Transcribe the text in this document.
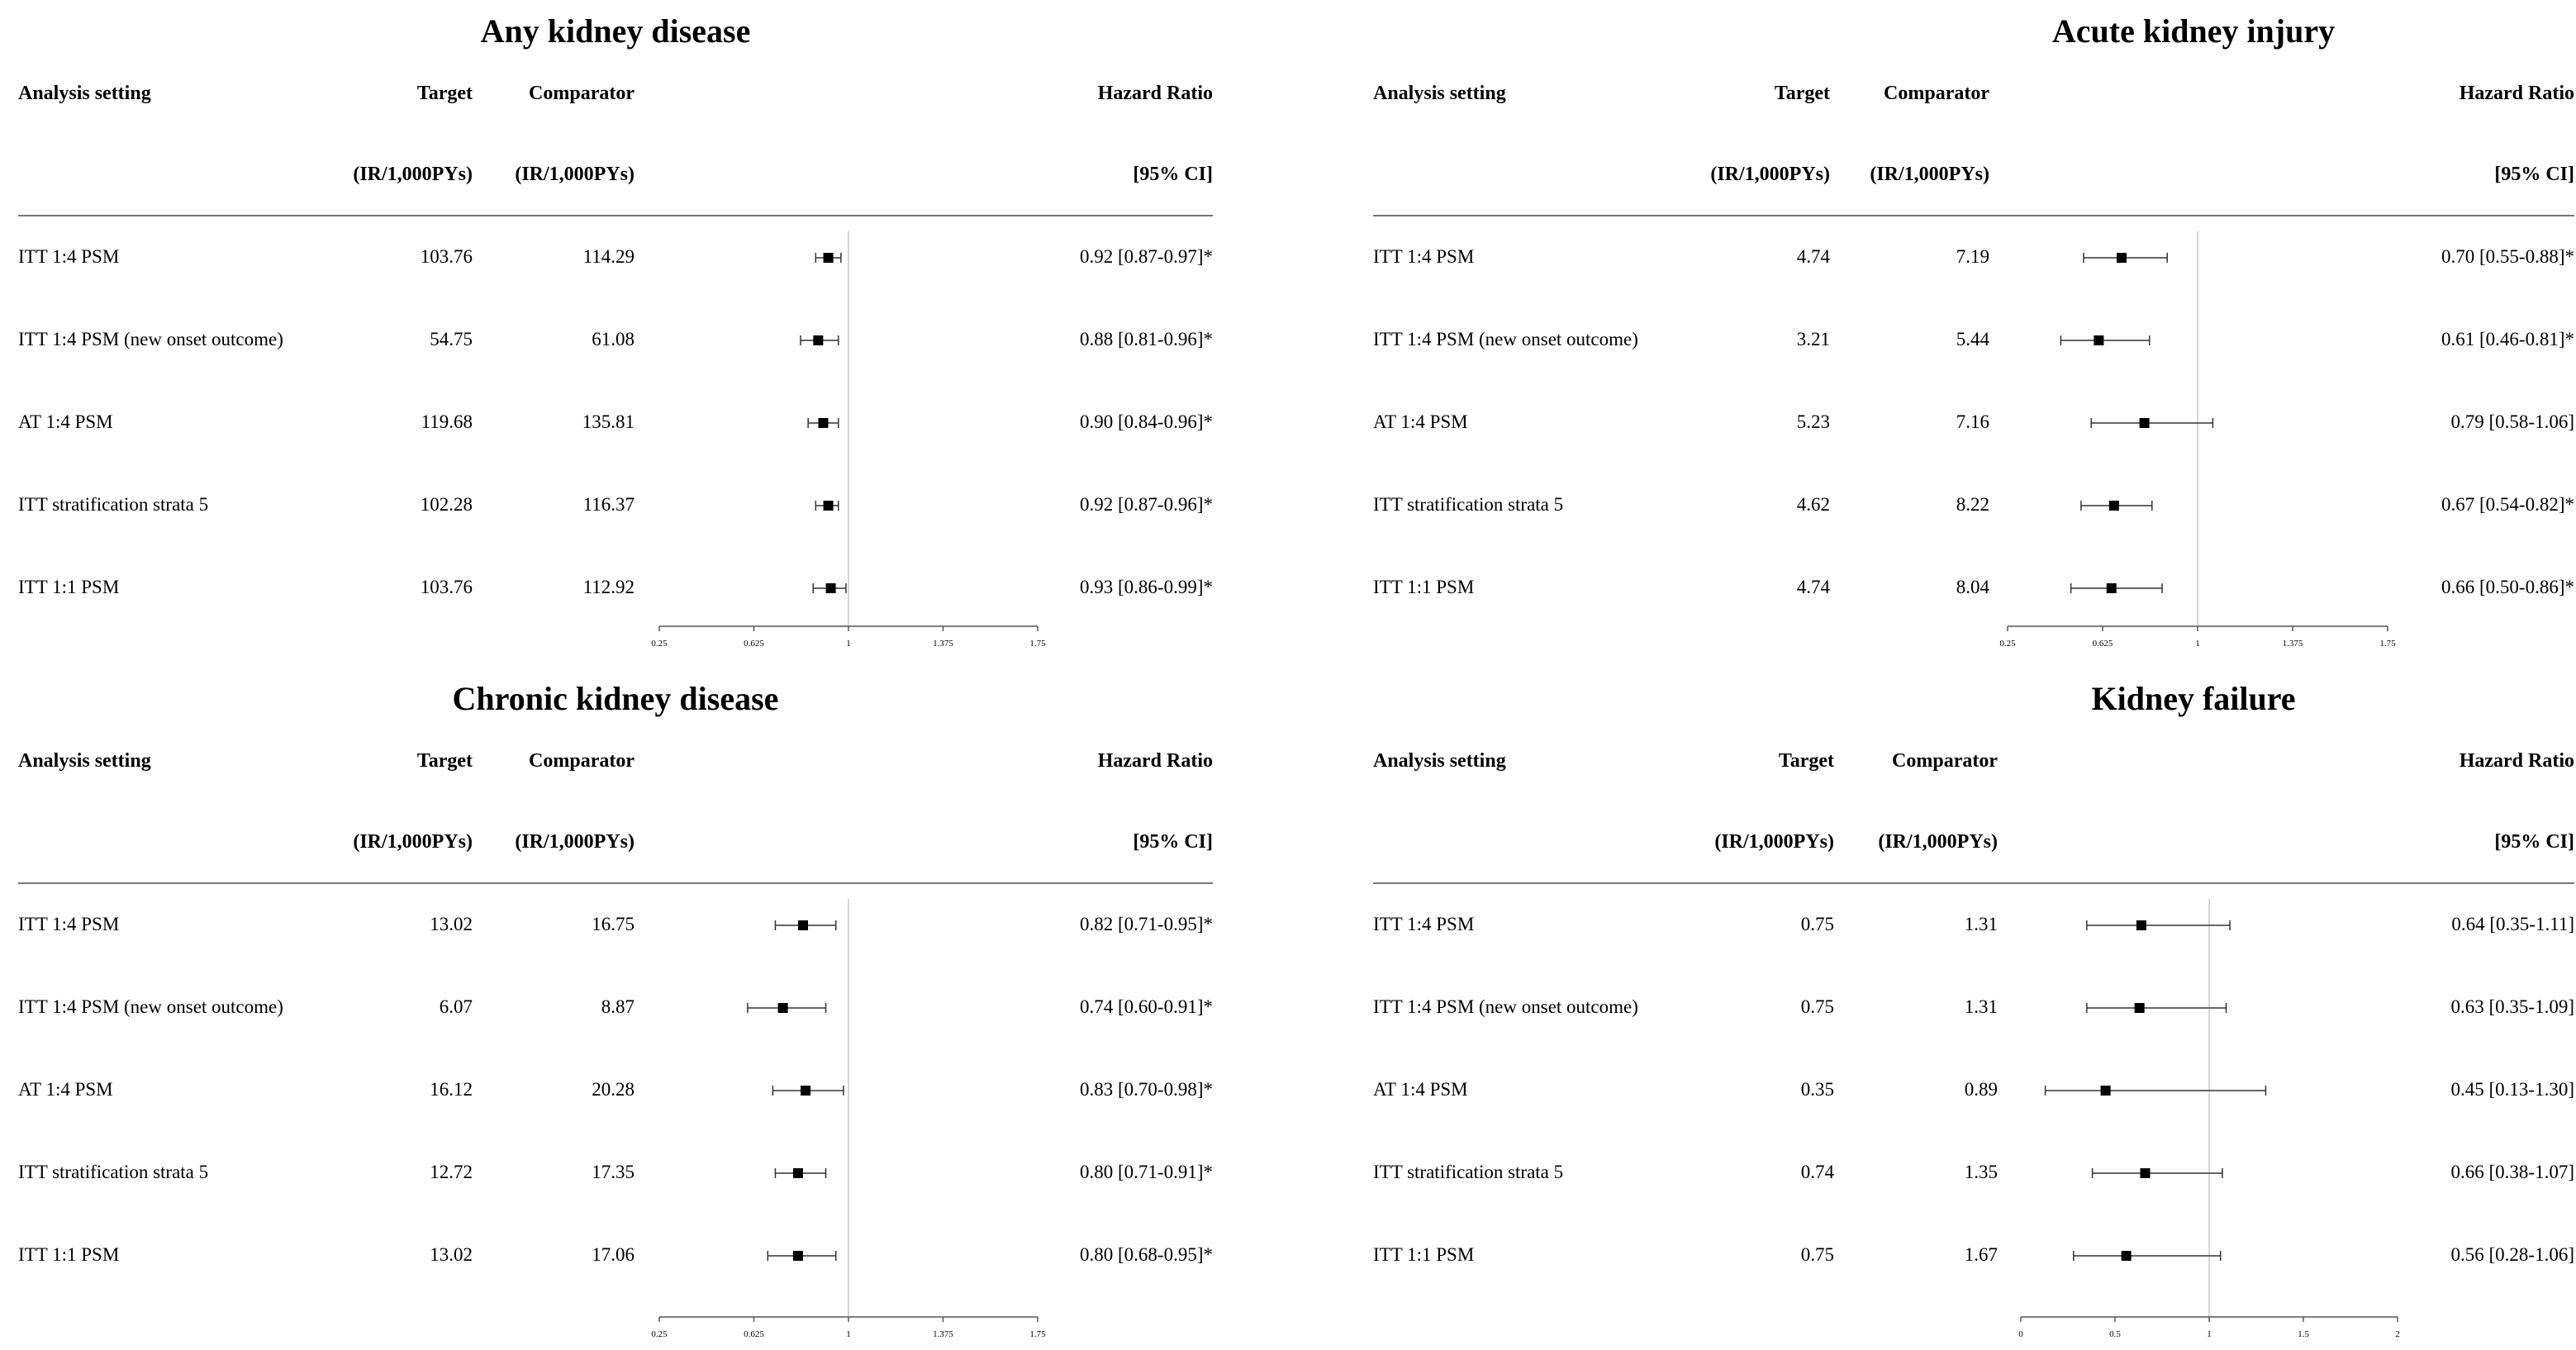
Any kidney disease
Analysis setting	Target	Comparator	Hazard Ratio
(IR/1,000PYs) (IR/1,000PYs)	[95% CI]
ITT 1:4 PSM	103.76	114.29	0.92 [0.87-0.97]*
ITT 1:4 PSM (new onset outcome)	54.75	61.08	0.88 [0.81-0.96]*
AT 1:4 PSM	119.68	135.81	0.90 [0.84-0.96]*
ITT stratification strata 5	102.28	116.37	0.92 [0.87-0.96]*
ITT 1:1 PSM	103.76	112.92	0.93 [0.86-0.99]*
0.25	0.625	1	1.375	1.75
Acute kidney injury
Analysis setting	Target	Comparator	Hazard Ratio
(IR/1,000PYs) (IR/1,000PYs)	[95% CI]
ITT 1:4 PSM	4.74	7.19	0.70 [0.55-0.88]*
ITT 1:4 PSM (new onset outcome)	3.21	5.44	0.61 [0.46-0.81]*
AT 1:4 PSM	5.23	7.16	0.79 [0.58-1.06]
ITT stratification strata 5	4.62	8.22	0.67 [0.54-0.82]*
ITT 1:1 PSM	4.74	8.04	0.66 [0.50-0.86]*
0.25	0.625	1	1.375	1.75
Chronic kidney disease
Analysis setting	Target	Comparator	Hazard Ratio
(IR/1,000PYs) (IR/1,000PYs)	[95% CI]
ITT 1:4 PSM	13.02	16.75	0.82 [0.71-0.95]*
ITT 1:4 PSM (new onset outcome)	6.07	8.87	0.74 [0.60-0.91]*
AT 1:4 PSM	16.12	20.28	0.83 [0.70-0.98]*
ITT stratification strata 5	12.72	17.35	0.80 [0.71-0.91]*
ITT 1:1 PSM	13.02	17.06	0.80 [0.68-0.95]*
0.25	0.625	1	1.375	1.75
Kidney failure
Analysis setting	Target	Comparator	Hazard Ratio
(IR/1,000PYs) (IR/1,000PYs)	[95% CI]
ITT 1:4 PSM	0.75	1.31	0.64 [0.35-1.11]
ITT 1:4 PSM (new onset outcome)	0.75	1.31	0.63 [0.35-1.09]
AT 1:4 PSM	0.35	0.89	0.45 [0.13-1.30]
ITT stratification strata 5	0.74	1.35	0.66 [0.38-1.07]
ITT 1:1 PSM	0.75	1.67	0.56 [0.28-1.06]
0	0.5	1	1.5	2
